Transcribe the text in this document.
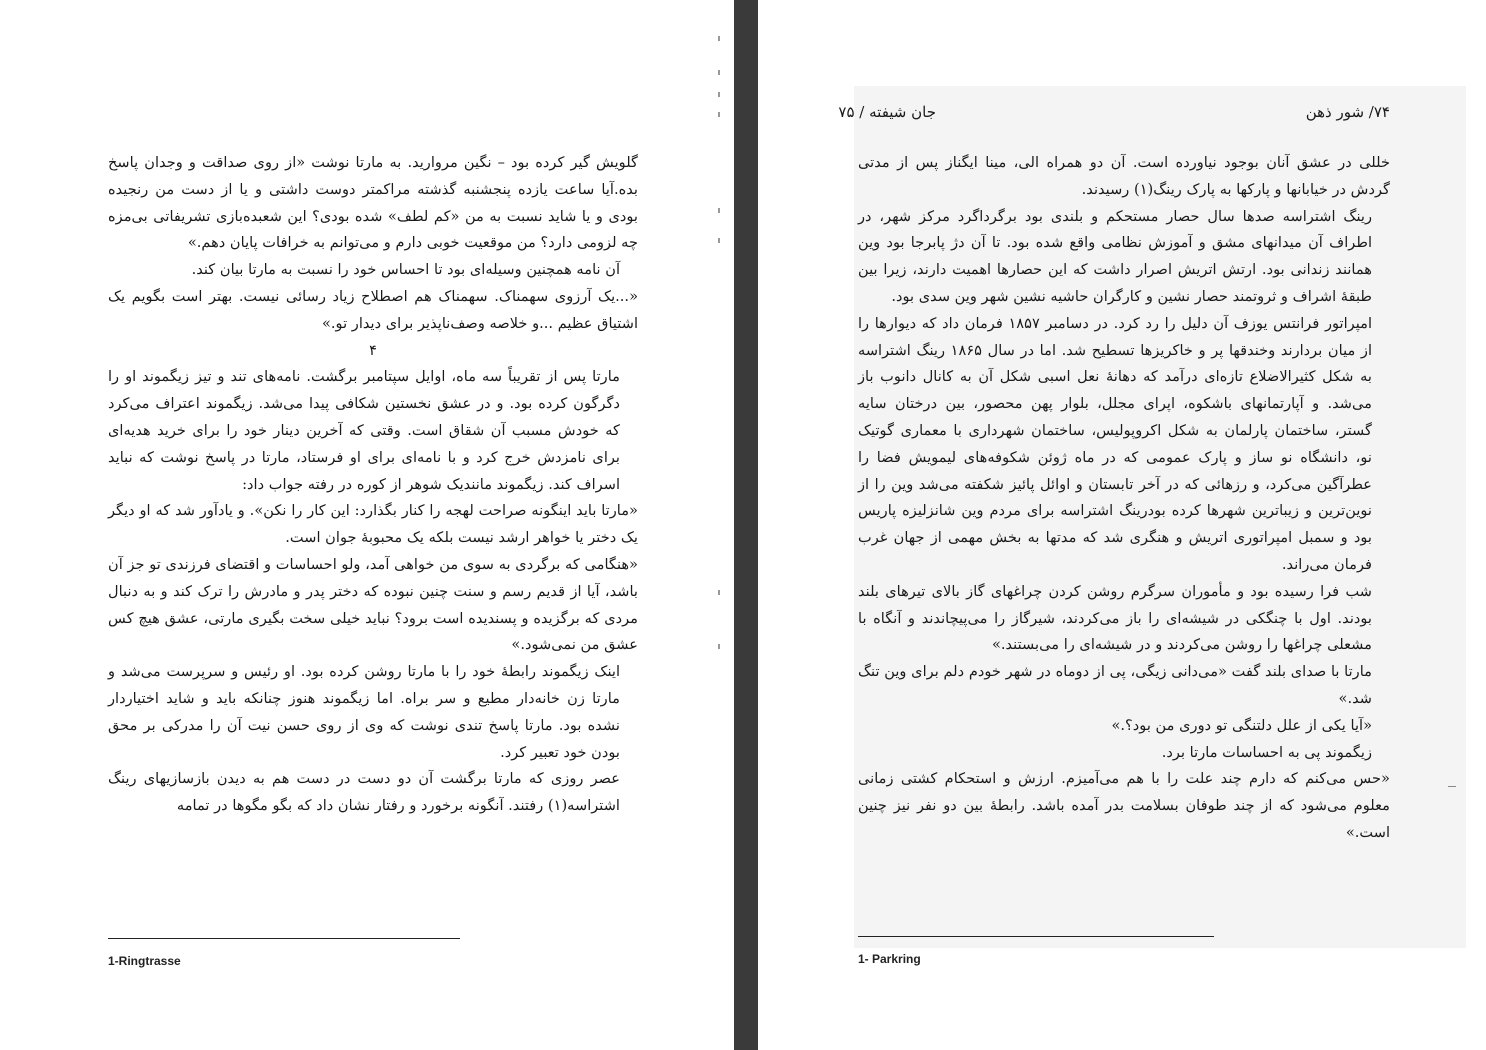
۷۴/ شور ذهن

گلویش گیر کرده بود – نگین مروارید. به مارتا نوشت «از روی صداقت و وجدان پاسخ بده.آیا ساعت یازده پنجشنبه گذشته مراکمتر دوست داشتی و یا از دست من رنجیده بودی و یا شاید نسبت به من «کم لطف» شده بودی؟ این شعبده‌بازی تشریفاتی بی‌مزه چه لزومی دارد؟ من موقعیت خوبی دارم و می‌توانم به خرافات پایان دهم.»

آن نامه همچنین وسیله‌ای بود تا احساس خود را نسبت به مارتا بیان کند.

«...یک آرزوی سهمناک. سهمناک هم اصطلاح زیاد رسائی نیست. بهتر است بگویم یک اشتیاق عظیم ...و خلاصه وصف‌ناپذیر برای دیدار تو.»

۴

مارتا پس از تقریباً سه ماه، اوایل سپتامبر برگشت. نامه‌های تند و تیز زیگموند او را دگرگون کرده بود. و در عشق نخستین شکافی پیدا می‌شد. زیگموند اعتراف می‌کرد که خودش مسبب آن شقاق است. وقتی که آخرین دینار خود را برای خرید هدیه‌ای برای نامزدش خرج کرد و با نامه‌ای برای او فرستاد، مارتا در پاسخ نوشت که نباید اسراف کند. زیگموند مانندیک شوهر از کوره در رفته جواب داد:

«مارتا باید اینگونه صراحت لهجه را کنار بگذارد: این کار را نکن». و یادآور شد که او دیگر یک دختر یا خواهر ارشد نیست بلکه یک محبوبهٔ جوان است.

«هنگامی که برگردی به سوی من خواهی آمد، ولو احساسات و اقتضای فرزندی تو جز آن باشد، آیا از قدیم رسم و سنت چنین نبوده که دختر پدر و مادرش را ترک کند و به دنبال مردی که برگزیده و پسندیده است برود؟ نباید خیلی سخت بگیری مارتی، عشق هیچ کس عشق من نمی‌شود.»

اینک زیگموند رابطهٔ خود را با مارتا روشن کرده بود. او رئیس و سرپرست می‌شد و مارتا زن خانه‌دار مطیع و سر براه. اما زیگموند هنوز چنانکه باید و شاید اختیاردار نشده بود. مارتا پاسخ تندی نوشت که وی از روی حسن نیت آن را مدرکی بر محق بودن خود تعبیر کرد.

عصر روزی که مارتا برگشت آن دو دست در دست هم به دیدن بازسازیهای رینگ اشتراسه(۱) رفتند. آنگونه برخورد و رفتار نشان داد که بگو مگوها در تمامه

1-Ringtrasse
جان شیفته / ۷۵

خللی در عشق آنان بوجود نیاورده است. آن دو همراه الی، مینا ایگناز پس از مدتی گردش در خیابانها و پارکها به پارک رینگ(۱) رسیدند.

رینگ اشتراسه صدها سال حصار مستحکم و بلندی بود برگرداگرد مرکز شهر، در اطراف آن میدانهای مشق و آموزش نظامی واقع شده بود. تا آن دژ پابرجا بود وین همانند زندانی بود. ارتش اتریش اصرار داشت که این حصارها اهمیت دارند، زیرا بین طبقهٔ اشراف و ثروتمند حصار نشین و کارگران حاشیه نشین شهر وین سدی بود.

امپراتور فرانتس یوزف آن دلیل را رد کرد. در دسامبر ۱۸۵۷ فرمان داد که دیوارها را از میان بردارند وخندقها پر و خاکریزها تسطیح شد. اما در سال ۱۸۶۵ رینگ اشتراسه به شکل کثیرالاضلاع تازه‌ای درآمد که دهانهٔ نعل اسبی شکل آن به کانال دانوب باز می‌شد. و آپارتمانهای باشکوه، اپرای مجلل، بلوار پهن محصور، بین درختان سایه گستر، ساختمان پارلمان به شکل اکروپولیس، ساختمان شهرداری با معماری گوتیک نو، دانشگاه نو ساز و پارک عمومی که در ماه ژوئن شکوفه‌های لیمویش فضا را عطرآگین می‌کرد، و رزهائی که در آخر تابستان و اوائل پائیز شکفته می‌شد وین را از نوین‌ترین و زیباترین شهرها کرده بودرینگ اشتراسه برای مردم وین شانزلیزه پاریس بود و سمبل امپراتوری اتریش و هنگری شد که مدتها به بخش مهمی از جهان غرب فرمان می‌راند.

شب فرا رسیده بود و مأموران سرگرم روشن کردن چراغهای گاز بالای تیرهای بلند بودند. اول با چنگکی در شیشه‌ای را باز می‌کردند، شیرگاز را می‌پیچاندند و آنگاه با مشعلی چراغها را روشن می‌کردند و در شیشه‌ای را می‌بستند.»

مارتا با صدای بلند گفت «می‌دانی زیگی، پی از دوماه در شهر خودم دلم برای وین تنگ شد.»

«آیا یکی از علل دلتنگی تو دوری من بود؟.»

زیگموند پی به احساسات مارتا برد.

«حس می‌کنم که دارم چند علت را با هم می‌آمیزم. ارزش و استحکام کشتی زمانی معلوم می‌شود که از چند طوفان بسلامت بدر آمده باشد. رابطهٔ بین دو نفر نیز چنین است.»

1- Parkring
